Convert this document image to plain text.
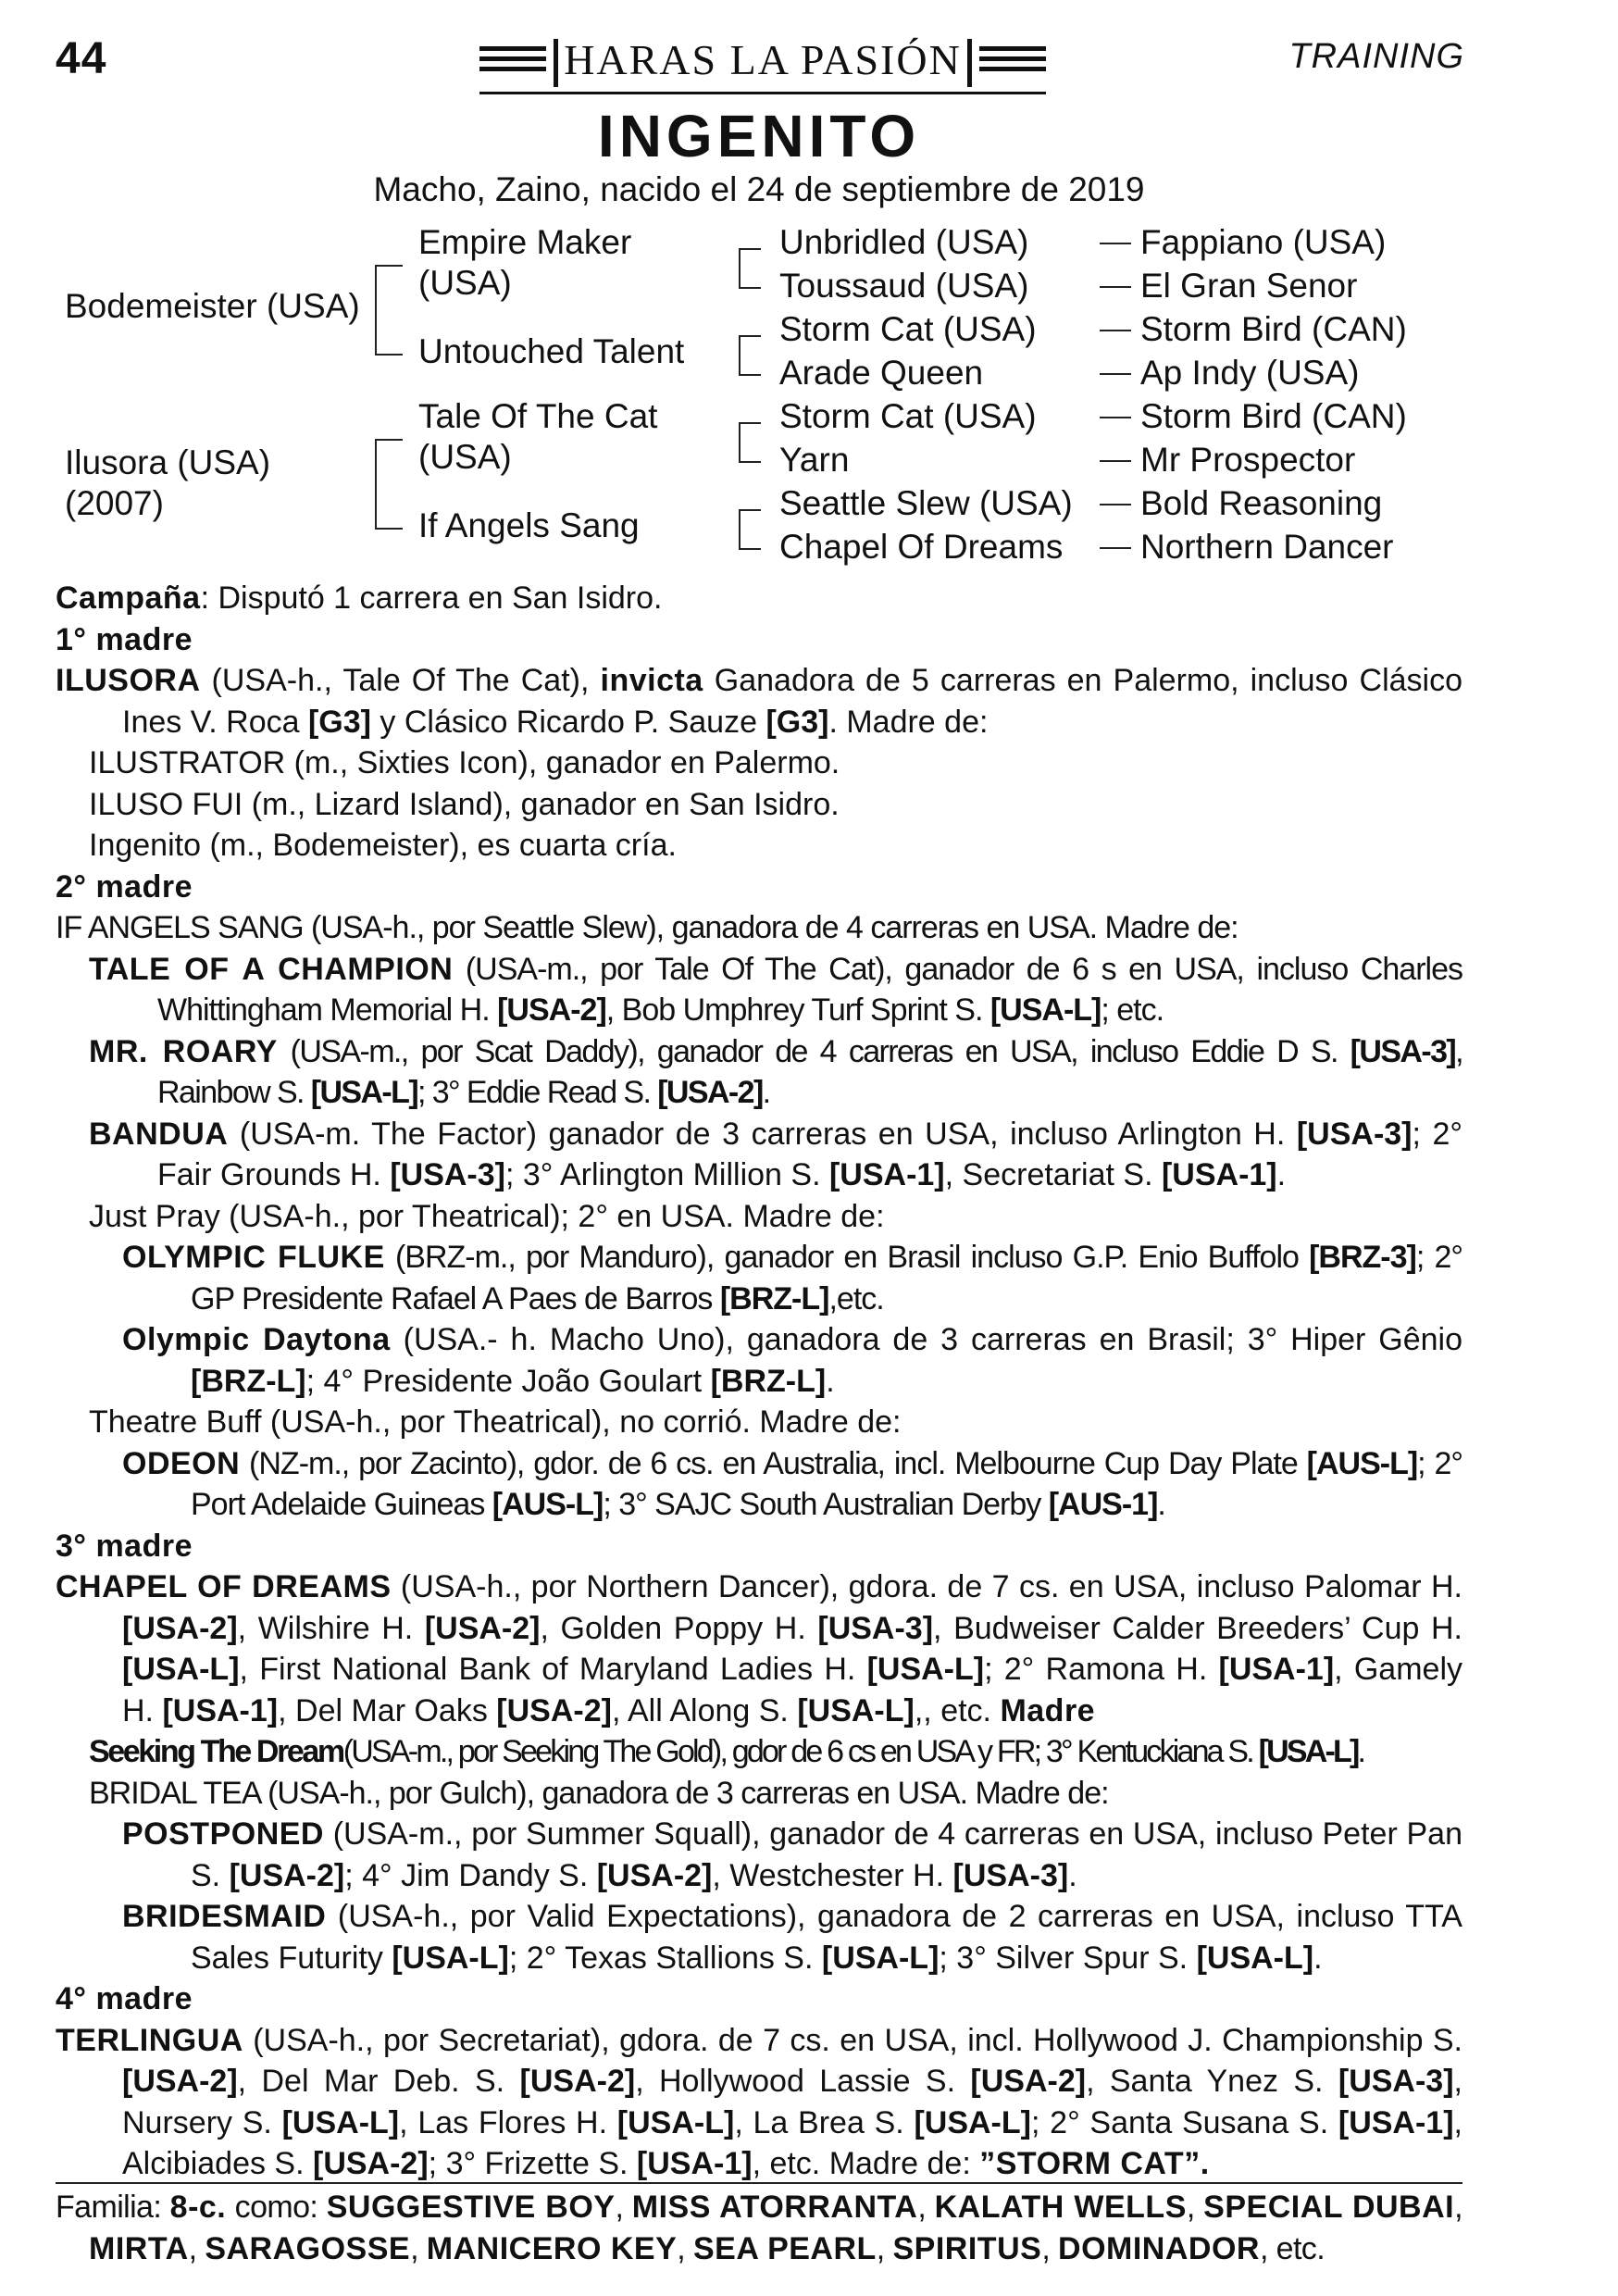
44	HARAS LA PASIÓN	TRAINING
INGENITO
Macho, Zaino, nacido el 24 de septiembre de 2019
Bodemeister (USA)
Ilusora (USA)
(2007)
Empire Maker (USA)
Untouched Talent
Tale Of The Cat (USA)
If Angels Sang
Unbridled (USA)
Toussaud (USA)
Storm Cat (USA)
Arade Queen
Storm Cat (USA)
Yarn
Seattle Slew (USA)
Chapel Of Dreams
Fappiano (USA)
El Gran Senor
Storm Bird (CAN)
Ap Indy (USA)
Storm Bird (CAN)
Mr Prospector
Bold Reasoning
Northern Dancer

Campaña: Disputó 1 carrera en San Isidro.

1° madre

ILUSORA (USA-h., Tale Of The Cat), invicta Ganadora de 5 carreras en Palermo, incluso Clásico Ines V. Roca [G3] y Clásico Ricardo P. Sauze [G3]. Madre de:

ILUSTRATOR (m., Sixties Icon), ganador en Palermo.

ILUSO FUI (m., Lizard Island), ganador en San Isidro.

Ingenito (m., Bodemeister), es cuarta cría.

2° madre

IF ANGELS SANG (USA-h., por Seattle Slew), ganadora de 4 carreras en USA. Madre de:

TALE OF A CHAMPION (USA-m., por Tale Of The Cat), ganador de 6 s en USA, incluso Charles Whittingham Memorial H. [USA-2], Bob Umphrey Turf Sprint S. [USA-L]; etc.

MR. ROARY (USA-m., por Scat Daddy), ganador de 4 carreras en USA, incluso Eddie D S. [USA-3], Rainbow S. [USA-L]; 3° Eddie Read S. [USA-2].

BANDUA (USA-m. The Factor) ganador de 3 carreras en USA, incluso Arlington H. [USA-3]; 2° Fair Grounds H. [USA-3]; 3° Arlington Million S. [USA-1], Secretariat S. [USA-1].

Just Pray (USA-h., por Theatrical); 2° en USA. Madre de:

OLYMPIC FLUKE (BRZ-m., por Manduro), ganador en Brasil incluso G.P. Enio Buffolo [BRZ-3]; 2° GP Presidente Rafael A Paes de Barros [BRZ-L],etc.

Olympic Daytona (USA.- h. Macho Uno), ganadora de 3 carreras en Brasil; 3° Hiper Gênio [BRZ-L]; 4° Presidente João Goulart [BRZ-L].

Theatre Buff (USA-h., por Theatrical), no corrió. Madre de:

ODEON (NZ-m., por Zacinto), gdor. de 6 cs. en Australia, incl. Melbourne Cup Day Plate [AUS-L]; 2° Port Adelaide Guineas [AUS-L]; 3° SAJC South Australian Derby [AUS-1].

3° madre

CHAPEL OF DREAMS (USA-h., por Northern Dancer), gdora. de 7 cs. en USA, incluso Palomar H. [USA-2], Wilshire H. [USA-2], Golden Poppy H. [USA-3], Budweiser Calder Breeders’ Cup H. [USA-L], First National Bank of Maryland Ladies H. [USA-L]; 2° Ramona H. [USA-1], Gamely H. [USA-1], Del Mar Oaks [USA-2], All Along S. [USA-L],, etc. Madre

Seeking The Dream(USA-m., por Seeking The Gold), gdor de 6 cs en USA y FR; 3° Kentuckiana S. [USA-L].

BRIDAL TEA (USA-h., por Gulch), ganadora de 3 carreras en USA. Madre de:

POSTPONED (USA-m., por Summer Squall), ganador de 4 carreras en USA, incluso Peter Pan S. [USA-2]; 4° Jim Dandy S. [USA-2], Westchester H. [USA-3].

BRIDESMAID (USA-h., por Valid Expectations), ganadora de 2 carreras en USA, incluso TTA Sales Futurity [USA-L]; 2° Texas Stallions S. [USA-L]; 3° Silver Spur S. [USA-L].

4° madre

TERLINGUA (USA-h., por Secretariat), gdora. de 7 cs. en USA, incl. Hollywood J. Championship S. [USA-2], Del Mar Deb. S. [USA-2], Hollywood Lassie S. [USA-2], Santa Ynez S. [USA-3], Nursery S. [USA-L], Las Flores H. [USA-L], La Brea S. [USA-L]; 2° Santa Susana S. [USA-1], Alcibiades S. [USA-2]; 3° Frizette S. [USA-1], etc. Madre de: ”STORM CAT”.

Familia: 8-c. como: SUGGESTIVE BOY, MISS ATORRANTA, KALATH WELLS, SPECIAL DUBAI, MIRTA, SARAGOSSE, MANICERO KEY, SEA PEARL, SPIRITUS, DOMINADOR, etc.
